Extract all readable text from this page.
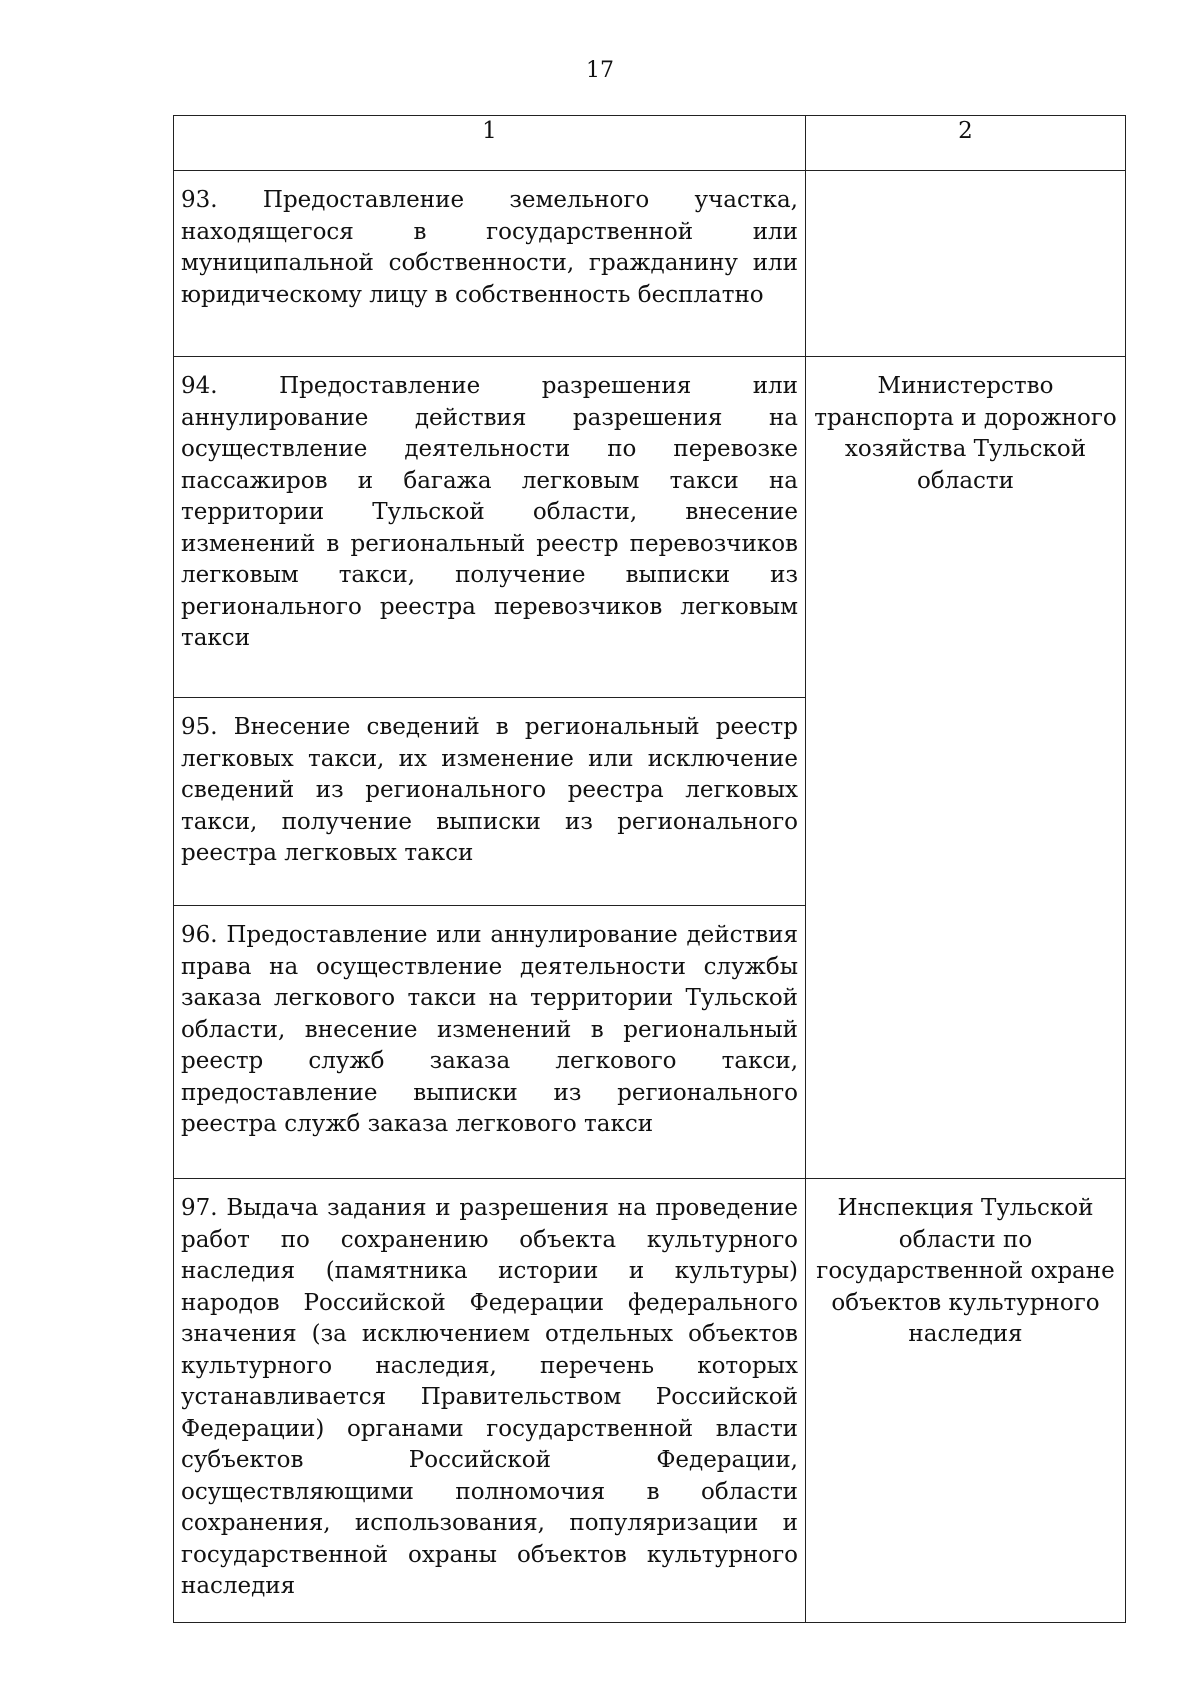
17
1	2
93. Предоставление земельного участка, находящегося в государственной или муниципальной собственности, гражданину или юридическому лицу в собственность бесплатно	
94. Предоставление разрешения или аннулирование действия разрешения на осуществление деятельности по перевозке пассажиров и багажа легковым такси на территории Тульской области, внесение изменений в региональный реестр перевозчиков легковым такси, получение выписки из регионального реестра перевозчиков легковым такси	Министерство транспорта и дорожного хозяйства Тульской области
95. Внесение сведений в региональный реестр легковых такси, их изменение или исключение сведений из регионального реестра легковых такси, получение выписки из регионального реестра легковых такси	
96. Предоставление или аннулирование действия права на осуществление деятельности службы заказа легкового такси на территории Тульской области, внесение изменений в региональный реестр служб заказа легкового такси, предоставление выписки из регионального реестра служб заказа легкового такси	
97. Выдача задания и разрешения на проведение работ по сохранению объекта культурного наследия (памятника истории и культуры) народов Российской Федерации федерального значения (за исключением отдельных объектов культурного наследия, перечень которых устанавливается Правительством Российской Федерации) органами государственной власти субъектов Российской Федерации, осуществляющими полномочия в области сохранения, использования, популяризации и государственной охраны объектов культурного наследия	Инспекция Тульской области по государственной охране объектов культурного наследия
